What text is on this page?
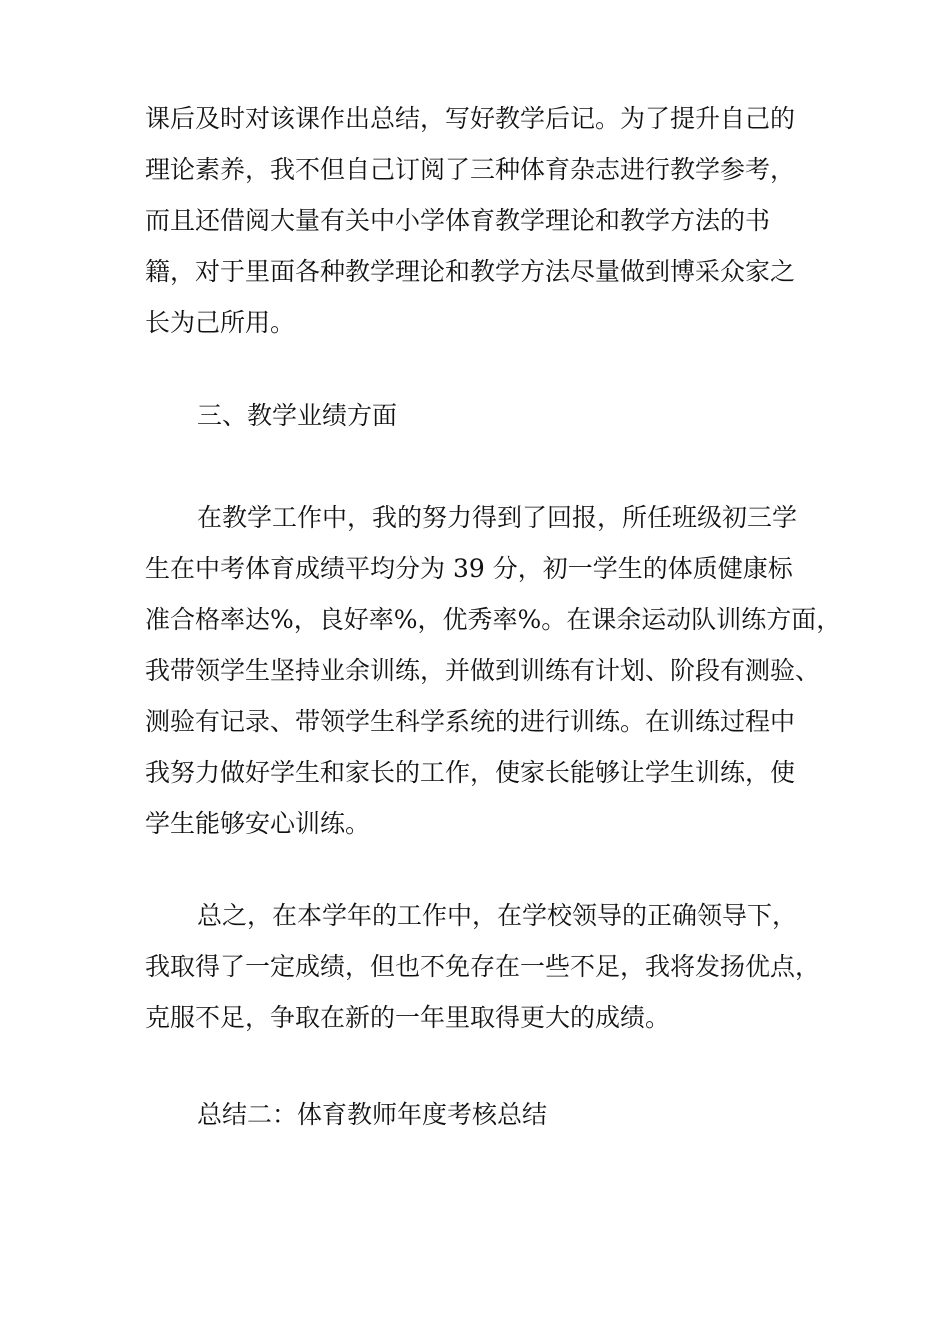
课后及时对该课作出总结，写好教学后记。为了提升自己的
理论素养，我不但自己订阅了三种体育杂志进行教学参考，
而且还借阅大量有关中小学体育教学理论和教学方法的书
籍，对于里面各种教学理论和教学方法尽量做到博采众家之
长为己所用。
三、教学业绩方面
在教学工作中，我的努力得到了回报，所任班级初三学
生在中考体育成绩平均分为 39 分，初一学生的体质健康标
准合格率达%，良好率%，优秀率%。在课余运动队训练方面，
我带领学生坚持业余训练，并做到训练有计划、阶段有测验、
测验有记录、带领学生科学系统的进行训练。在训练过程中
我努力做好学生和家长的工作，使家长能够让学生训练，使
学生能够安心训练。
总之，在本学年的工作中，在学校领导的正确领导下，
我取得了一定成绩，但也不免存在一些不足，我将发扬优点，
克服不足，争取在新的一年里取得更大的成绩。
总结二：体育教师年度考核总结
